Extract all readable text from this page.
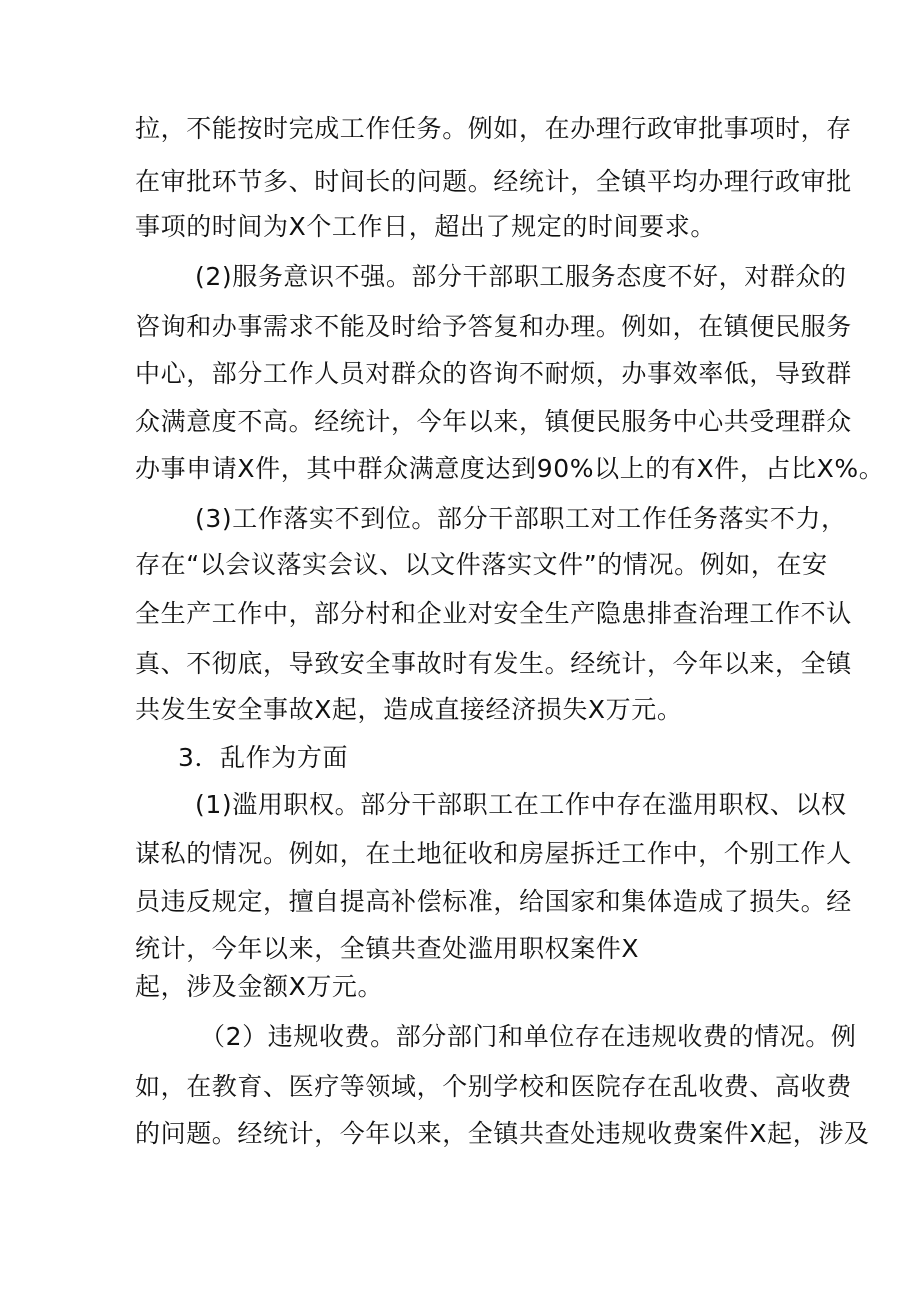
拉，不能按时完成工作任务。例如，在办理行政审批事项时，存
在审批环节多、时间长的问题。经统计，全镇平均办理行政审批
事项的时间为X个工作日，超出了规定的时间要求。
(2)服务意识不强。部分干部职工服务态度不好，对群众的
咨询和办事需求不能及时给予答复和办理。例如，在镇便民服务
中心，部分工作人员对群众的咨询不耐烦，办事效率低，导致群
众满意度不高。经统计，今年以来，镇便民服务中心共受理群众
办事申请X件，其中群众满意度达到90%以上的有X件，占比X%。
(3)工作落实不到位。部分干部职工对工作任务落实不力，
存在“以会议落实会议、以文件落实文件”的情况。例如，在安
全生产工作中，部分村和企业对安全生产隐患排查治理工作不认
真、不彻底，导致安全事故时有发生。经统计，今年以来，全镇
共发生安全事故X起，造成直接经济损失X万元。
3．乱作为方面
(1)滥用职权。部分干部职工在工作中存在滥用职权、以权
谋私的情况。例如，在土地征收和房屋拆迁工作中，个别工作人
员违反规定，擅自提高补偿标准，给国家和集体造成了损失。经
统计，今年以来，全镇共查处滥用职权案件X
起，涉及金额X万元。
（2）违规收费。部分部门和单位存在违规收费的情况。例
如，在教育、医疗等领域，个别学校和医院存在乱收费、高收费
的问题。经统计，今年以来，全镇共查处违规收费案件X起，涉及
